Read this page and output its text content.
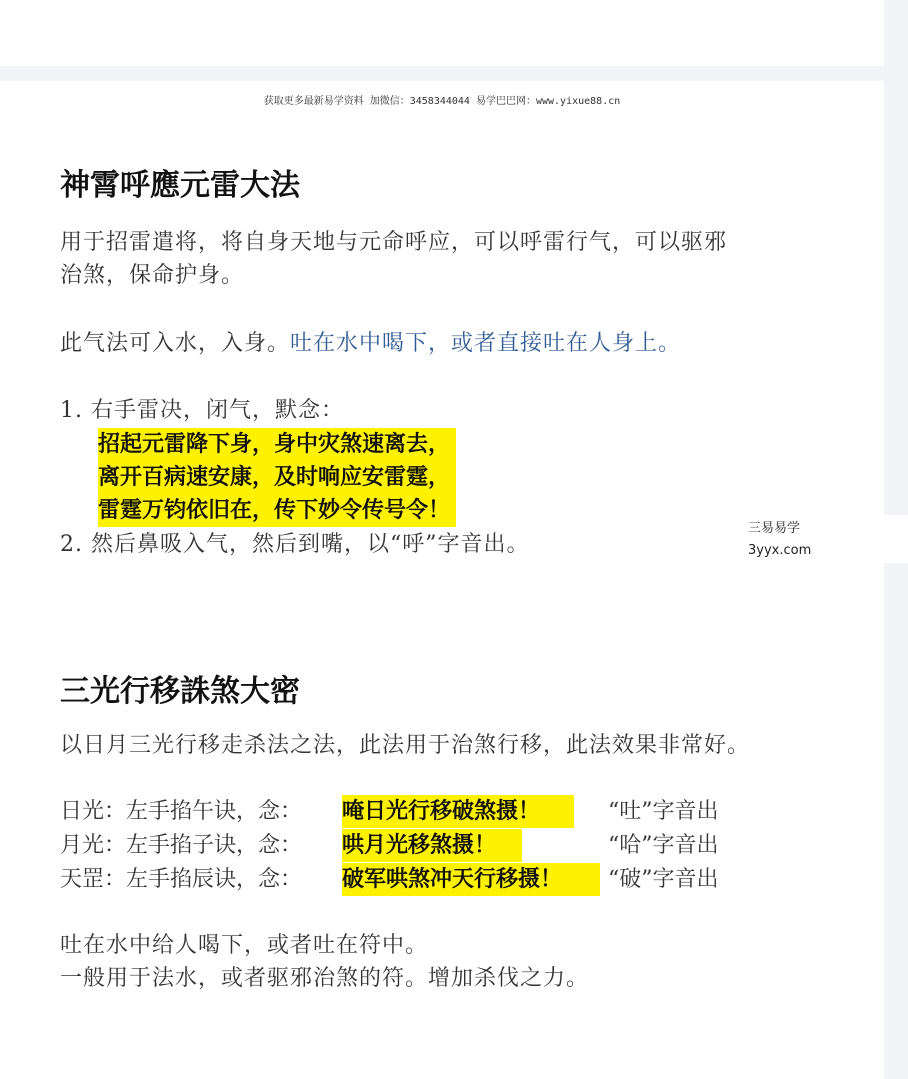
获取更多最新易学资料 加微信：3458344044 易学巴巴网：www.yixue88.cn
神霄呼應元雷大法
用于招雷遣将，将自身天地与元命呼应，可以呼雷行气，可以驱邪
治煞，保命护身。
此气法可入水，入身。吐在水中喝下，或者直接吐在人身上。
1. 右手雷决，闭气，默念：
招起元雷降下身，身中灾煞速离去，
离开百病速安康，及时响应安雷霆，
雷霆万钧依旧在，传下妙令传号令！
2. 然后鼻吸入气，然后到嘴，以“呼”字音出。
三易易学
3yyx.com
三光行移誅煞大密
以日月三光行移走杀法之法，此法用于治煞行移，此法效果非常好。
日光：左手掐午诀，念： 唵日光行移破煞摄！	“吐”字音出
月光：左手掐子诀，念： 哄月光移煞摄！	“哈”字音出
天罡：左手掐辰诀，念： 破军哄煞冲天行移摄！ “破”字音出
吐在水中给人喝下，或者吐在符中。
一般用于法水，或者驱邪治煞的符。增加杀伐之力。
